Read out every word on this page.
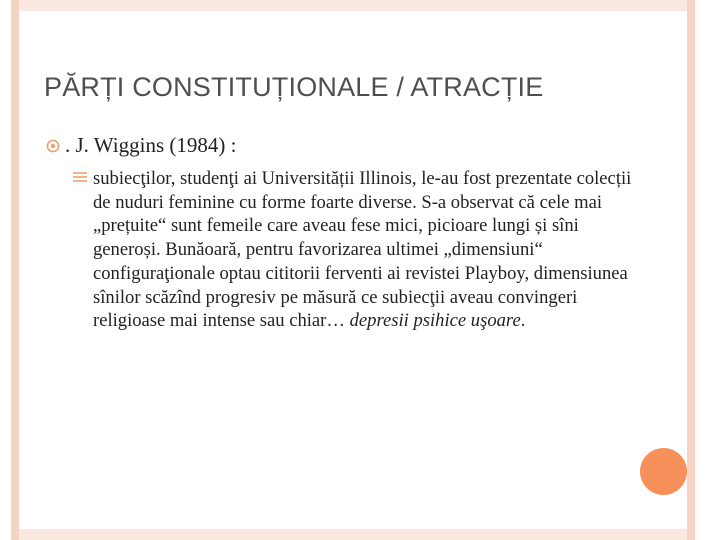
PĂRȚI CONSTITUȚIONALE / ATRACȚIE
. J. Wiggins (1984) :
subiecţilor, studenţi ai Universității Illinois, le-au fost prezentate colecții de nuduri feminine cu forme foarte diverse. S-a observat că cele mai „prețuite“ sunt femeile care aveau fese mici, picioare lungi și sîni generoși. Bunăoară, pentru favorizarea ultimei „dimensiuni“ configuraţionale optau cititorii ferventi ai revistei Playboy, dimensiunea sînilor scăzînd progresiv pe măsură ce subiecţii aveau convingeri religioase mai intense sau chiar… depresii psihice uşoare.
